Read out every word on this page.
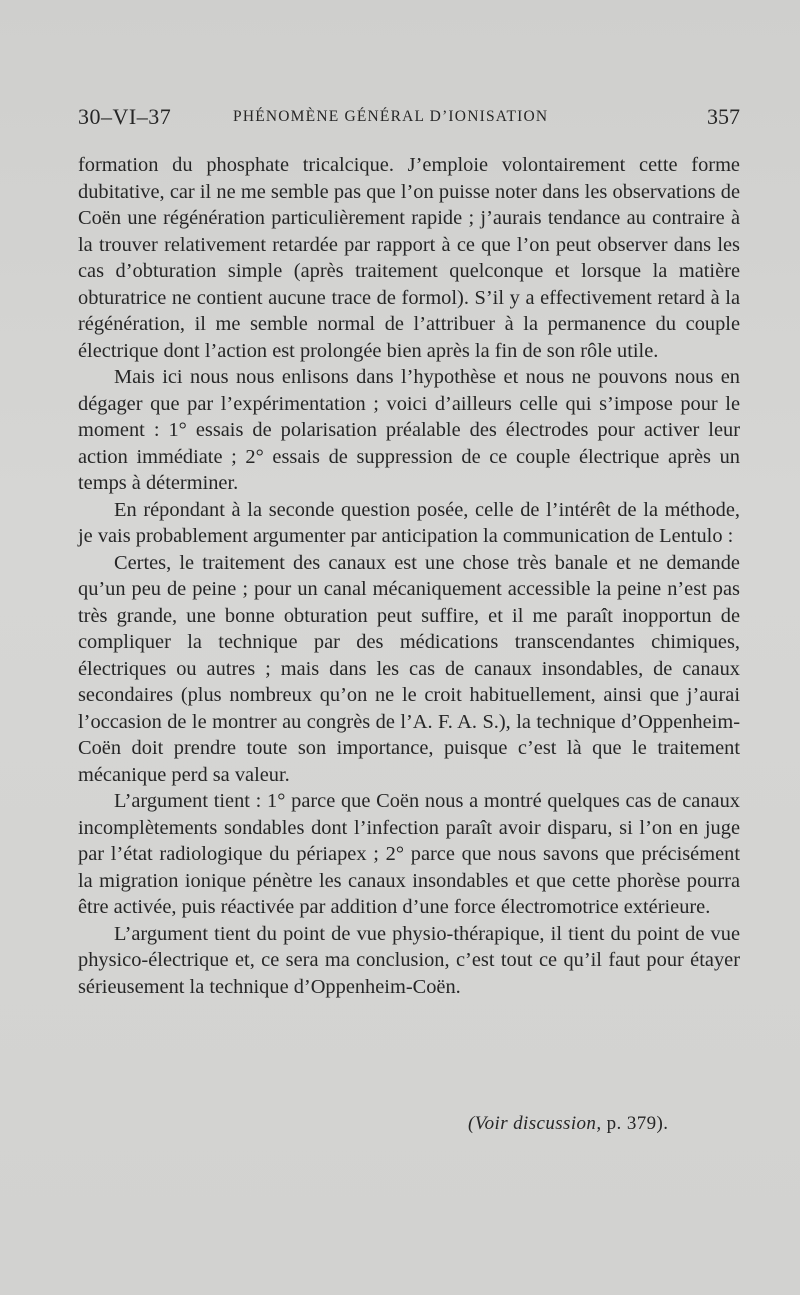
30–VI–37	PHÉNOMÈNE GÉNÉRAL D’IONISATION	357

formation du phosphate tricalcique. J’emploie volontairement cette forme dubitative, car il ne me semble pas que l’on puisse noter dans les observations de Coën une régénération particulièrement rapide ; j’aurais tendance au contraire à la trouver relativement retardée par rapport à ce que l’on peut observer dans les cas d’obturation simple (après traitement quelconque et lorsque la matière obturatrice ne contient aucune trace de formol). S’il y a effectivement retard à la régénération, il me semble normal de l’attribuer à la permanence du couple électrique dont l’action est prolongée bien après la fin de son rôle utile.

Mais ici nous nous enlisons dans l’hypothèse et nous ne pouvons nous en dégager que par l’expérimentation ; voici d’ailleurs celle qui s’impose pour le moment : 1° essais de polarisation préalable des électrodes pour activer leur action immédiate ; 2° essais de suppression de ce couple électrique après un temps à déterminer.

En répondant à la seconde question posée, celle de l’intérêt de la méthode, je vais probablement argumenter par anticipation la communication de Lentulo :

Certes, le traitement des canaux est une chose très banale et ne demande qu’un peu de peine ; pour un canal mécaniquement accessible la peine n’est pas très grande, une bonne obturation peut suffire, et il me paraît inopportun de compliquer la technique par des médications transcendantes chimiques, électriques ou autres ; mais dans les cas de canaux insondables, de canaux secondaires (plus nombreux qu’on ne le croit habituellement, ainsi que j’aurai l’occasion de le montrer au congrès de l’A. F. A. S.), la technique d’Oppenheim-Coën doit prendre toute son importance, puisque c’est là que le traitement mécanique perd sa valeur.

L’argument tient : 1° parce que Coën nous a montré quelques cas de canaux incomplètements sondables dont l’infection paraît avoir disparu, si l’on en juge par l’état radiologique du périapex ; 2° parce que nous savons que précisément la migration ionique pénètre les canaux insondables et que cette phorèse pourra être activée, puis réactivée par addition d’une force électromotrice extérieure.

L’argument tient du point de vue physio-thérapique, il tient du point de vue physico-électrique et, ce sera ma conclusion, c’est tout ce qu’il faut pour étayer sérieusement la technique d’Oppenheim-Coën.

(Voir discussion, p. 379).
